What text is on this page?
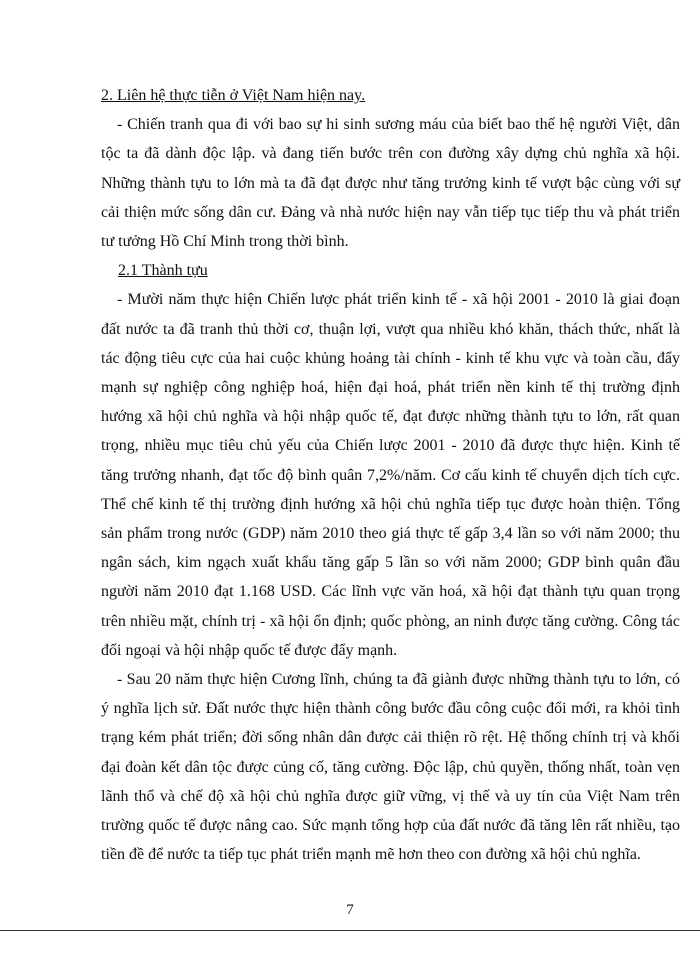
2. Liên hệ thực tiễn ở Việt Nam hiện nay.

- Chiến tranh qua đi với bao sự hi sinh sương máu của biết bao thế hệ người Việt, dân tộc ta đã dành độc lập. và đang tiến bước trên con đường xây dựng chủ nghĩa xã hội. Những thành tựu to lớn mà ta đã đạt được như tăng trưởng kinh tế vượt bậc cùng với sự cải thiện mức sống dân cư. Đảng và nhà nước hiện nay vẫn tiếp tục tiếp thu và phát triển tư tưởng Hồ Chí Minh trong thời bình.

2.1 Thành tựu

- Mười năm thực hiện Chiến lược phát triển kinh tế - xã hội 2001 - 2010 là giai đoạn đất nước ta đã tranh thủ thời cơ, thuận lợi, vượt qua nhiều khó khăn, thách thức, nhất là tác động tiêu cực của hai cuộc khủng hoảng tài chính - kinh tế khu vực và toàn cầu, đẩy mạnh sự nghiệp công nghiệp hoá, hiện đại hoá, phát triển nền kinh tế thị trường định hướng xã hội chủ nghĩa và hội nhập quốc tế, đạt được những thành tựu to lớn, rất quan trọng, nhiều mục tiêu chủ yếu của Chiến lược 2001 - 2010 đã được thực hiện. Kinh tế tăng trưởng nhanh, đạt tốc độ bình quân 7,2%/năm. Cơ cấu kinh tế chuyển dịch tích cực. Thể chế kinh tế thị trường định hướng xã hội chủ nghĩa tiếp tục được hoàn thiện. Tổng sản phẩm trong nước (GDP) năm 2010 theo giá thực tế gấp 3,4 lần so với năm 2000; thu ngân sách, kim ngạch xuất khẩu tăng gấp 5 lần so với năm 2000; GDP bình quân đầu người năm 2010 đạt 1.168 USD. Các lĩnh vực văn hoá, xã hội đạt thành tựu quan trọng trên nhiều mặt, chính trị - xã hội ổn định; quốc phòng, an ninh được tăng cường. Công tác đối ngoại và hội nhập quốc tế được đẩy mạnh.

- Sau 20 năm thực hiện Cương lĩnh, chúng ta đã giành được những thành tựu to lớn, có ý nghĩa lịch sử. Đất nước thực hiện thành công bước đầu công cuộc đổi mới, ra khỏi tình trạng kém phát triển; đời sống nhân dân được cải thiện rõ rệt. Hệ thống chính trị và khối đại đoàn kết dân tộc được củng cố, tăng cường. Độc lập, chủ quyền, thống nhất, toàn vẹn lãnh thổ và chế độ xã hội chủ nghĩa được giữ vững, vị thế và uy tín của Việt Nam trên trường quốc tế được nâng cao. Sức mạnh tổng hợp của đất nước đã tăng lên rất nhiều, tạo tiền đề để nước ta tiếp tục phát triển mạnh mẽ hơn theo con đường xã hội chủ nghĩa.

7
